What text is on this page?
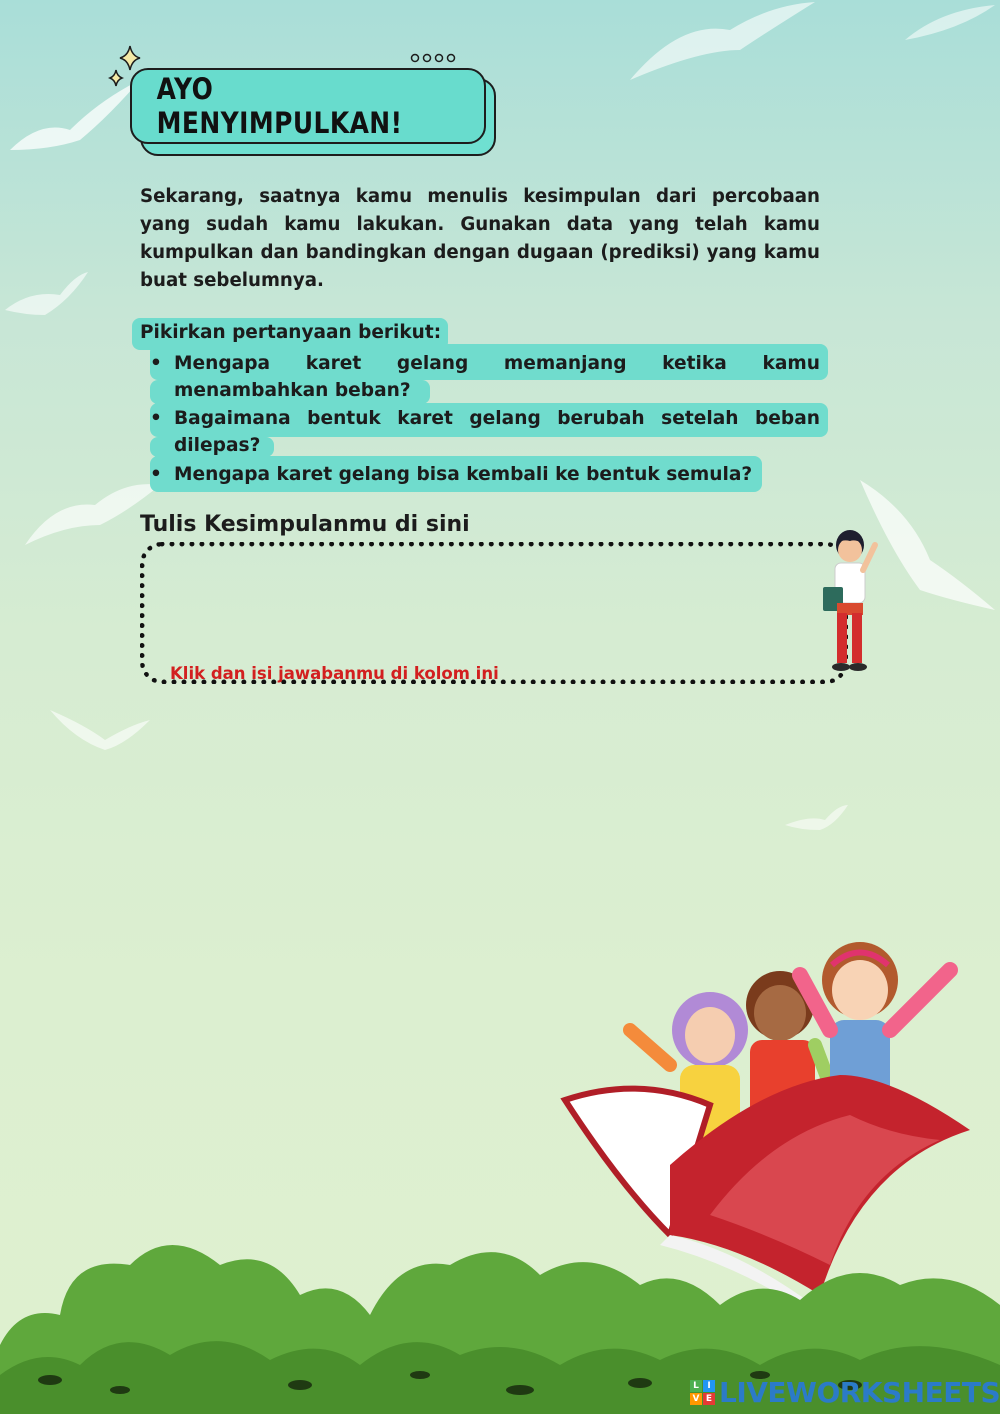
AYO MENYIMPULKAN!

Sekarang, saatnya kamu menulis kesimpulan dari percobaan yang sudah kamu lakukan. Gunakan data yang telah kamu kumpulkan dan bandingkan dengan dugaan (prediksi) yang kamu buat sebelumnya.

Pikirkan pertanyaan berikut:
• Mengapa karet gelang memanjang ketika kamu menambahkan beban?
• Bagaimana bentuk karet gelang berubah setelah beban dilepas?
• Mengapa karet gelang bisa kembali ke bentuk semula?
Tulis Kesimpulanmu di sini
Klik dan isi jawabanmu di kolom ini
L I
V E LIVEWORKSHEETS
